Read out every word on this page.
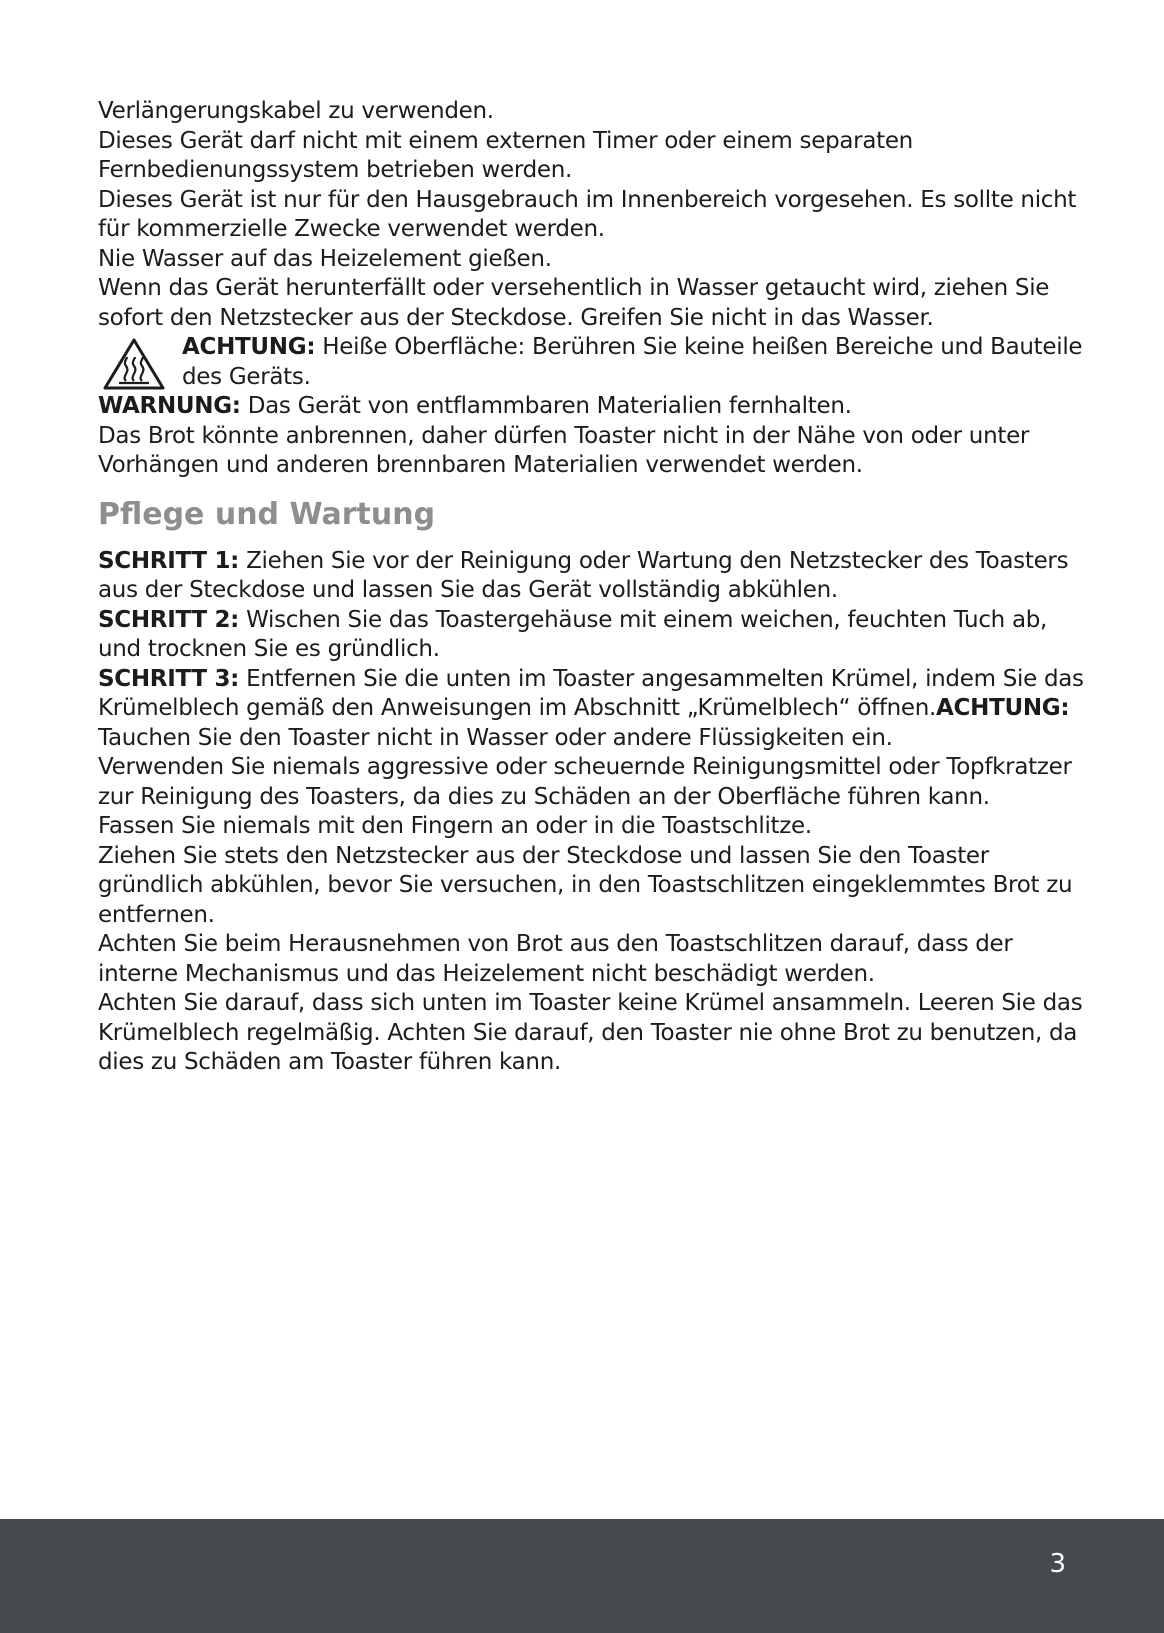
Verlängerungskabel zu verwenden.

Dieses Gerät darf nicht mit einem externen Timer oder einem separaten Fernbedienungssystem betrieben werden.

Dieses Gerät ist nur für den Hausgebrauch im Innenbereich vorgesehen. Es sollte nicht für kommerzielle Zwecke verwendet werden.

Nie Wasser auf das Heizelement gießen.

Wenn das Gerät herunterfällt oder versehentlich in Wasser getaucht wird, ziehen Sie sofort den Netzstecker aus der Steckdose. Greifen Sie nicht in das Wasser.

ACHTUNG: Heiße Oberfläche: Berühren Sie keine heißen Bereiche und Bauteile des Geräts.

WARNUNG: Das Gerät von entflammbaren Materialien fernhalten.

Das Brot könnte anbrennen, daher dürfen Toaster nicht in der Nähe von oder unter Vorhängen und anderen brennbaren Materialien verwendet werden.

Pflege und Wartung

SCHRITT 1: Ziehen Sie vor der Reinigung oder Wartung den Netzstecker des Toasters aus der Steckdose und lassen Sie das Gerät vollständig abkühlen.

SCHRITT 2: Wischen Sie das Toastergehäuse mit einem weichen, feuchten Tuch ab, und trocknen Sie es gründlich.

SCHRITT 3: Entfernen Sie die unten im Toaster angesammelten Krümel, indem Sie das Krümelblech gemäß den Anweisungen im Abschnitt „Krümelblech“ öffnen.ACHTUNG: Tauchen Sie den Toaster nicht in Wasser oder andere Flüssigkeiten ein.

Verwenden Sie niemals aggressive oder scheuernde Reinigungsmittel oder Topfkratzer zur Reinigung des Toasters, da dies zu Schäden an der Oberfläche führen kann.

Fassen Sie niemals mit den Fingern an oder in die Toastschlitze.

Ziehen Sie stets den Netzstecker aus der Steckdose und lassen Sie den Toaster gründlich abkühlen, bevor Sie versuchen, in den Toastschlitzen eingeklemmtes Brot zu entfernen.

Achten Sie beim Herausnehmen von Brot aus den Toastschlitzen darauf, dass der interne Mechanismus und das Heizelement nicht beschädigt werden.

Achten Sie darauf, dass sich unten im Toaster keine Krümel ansammeln. Leeren Sie das Krümelblech regelmäßig. Achten Sie darauf, den Toaster nie ohne Brot zu benutzen, da dies zu Schäden am Toaster führen kann.

3
